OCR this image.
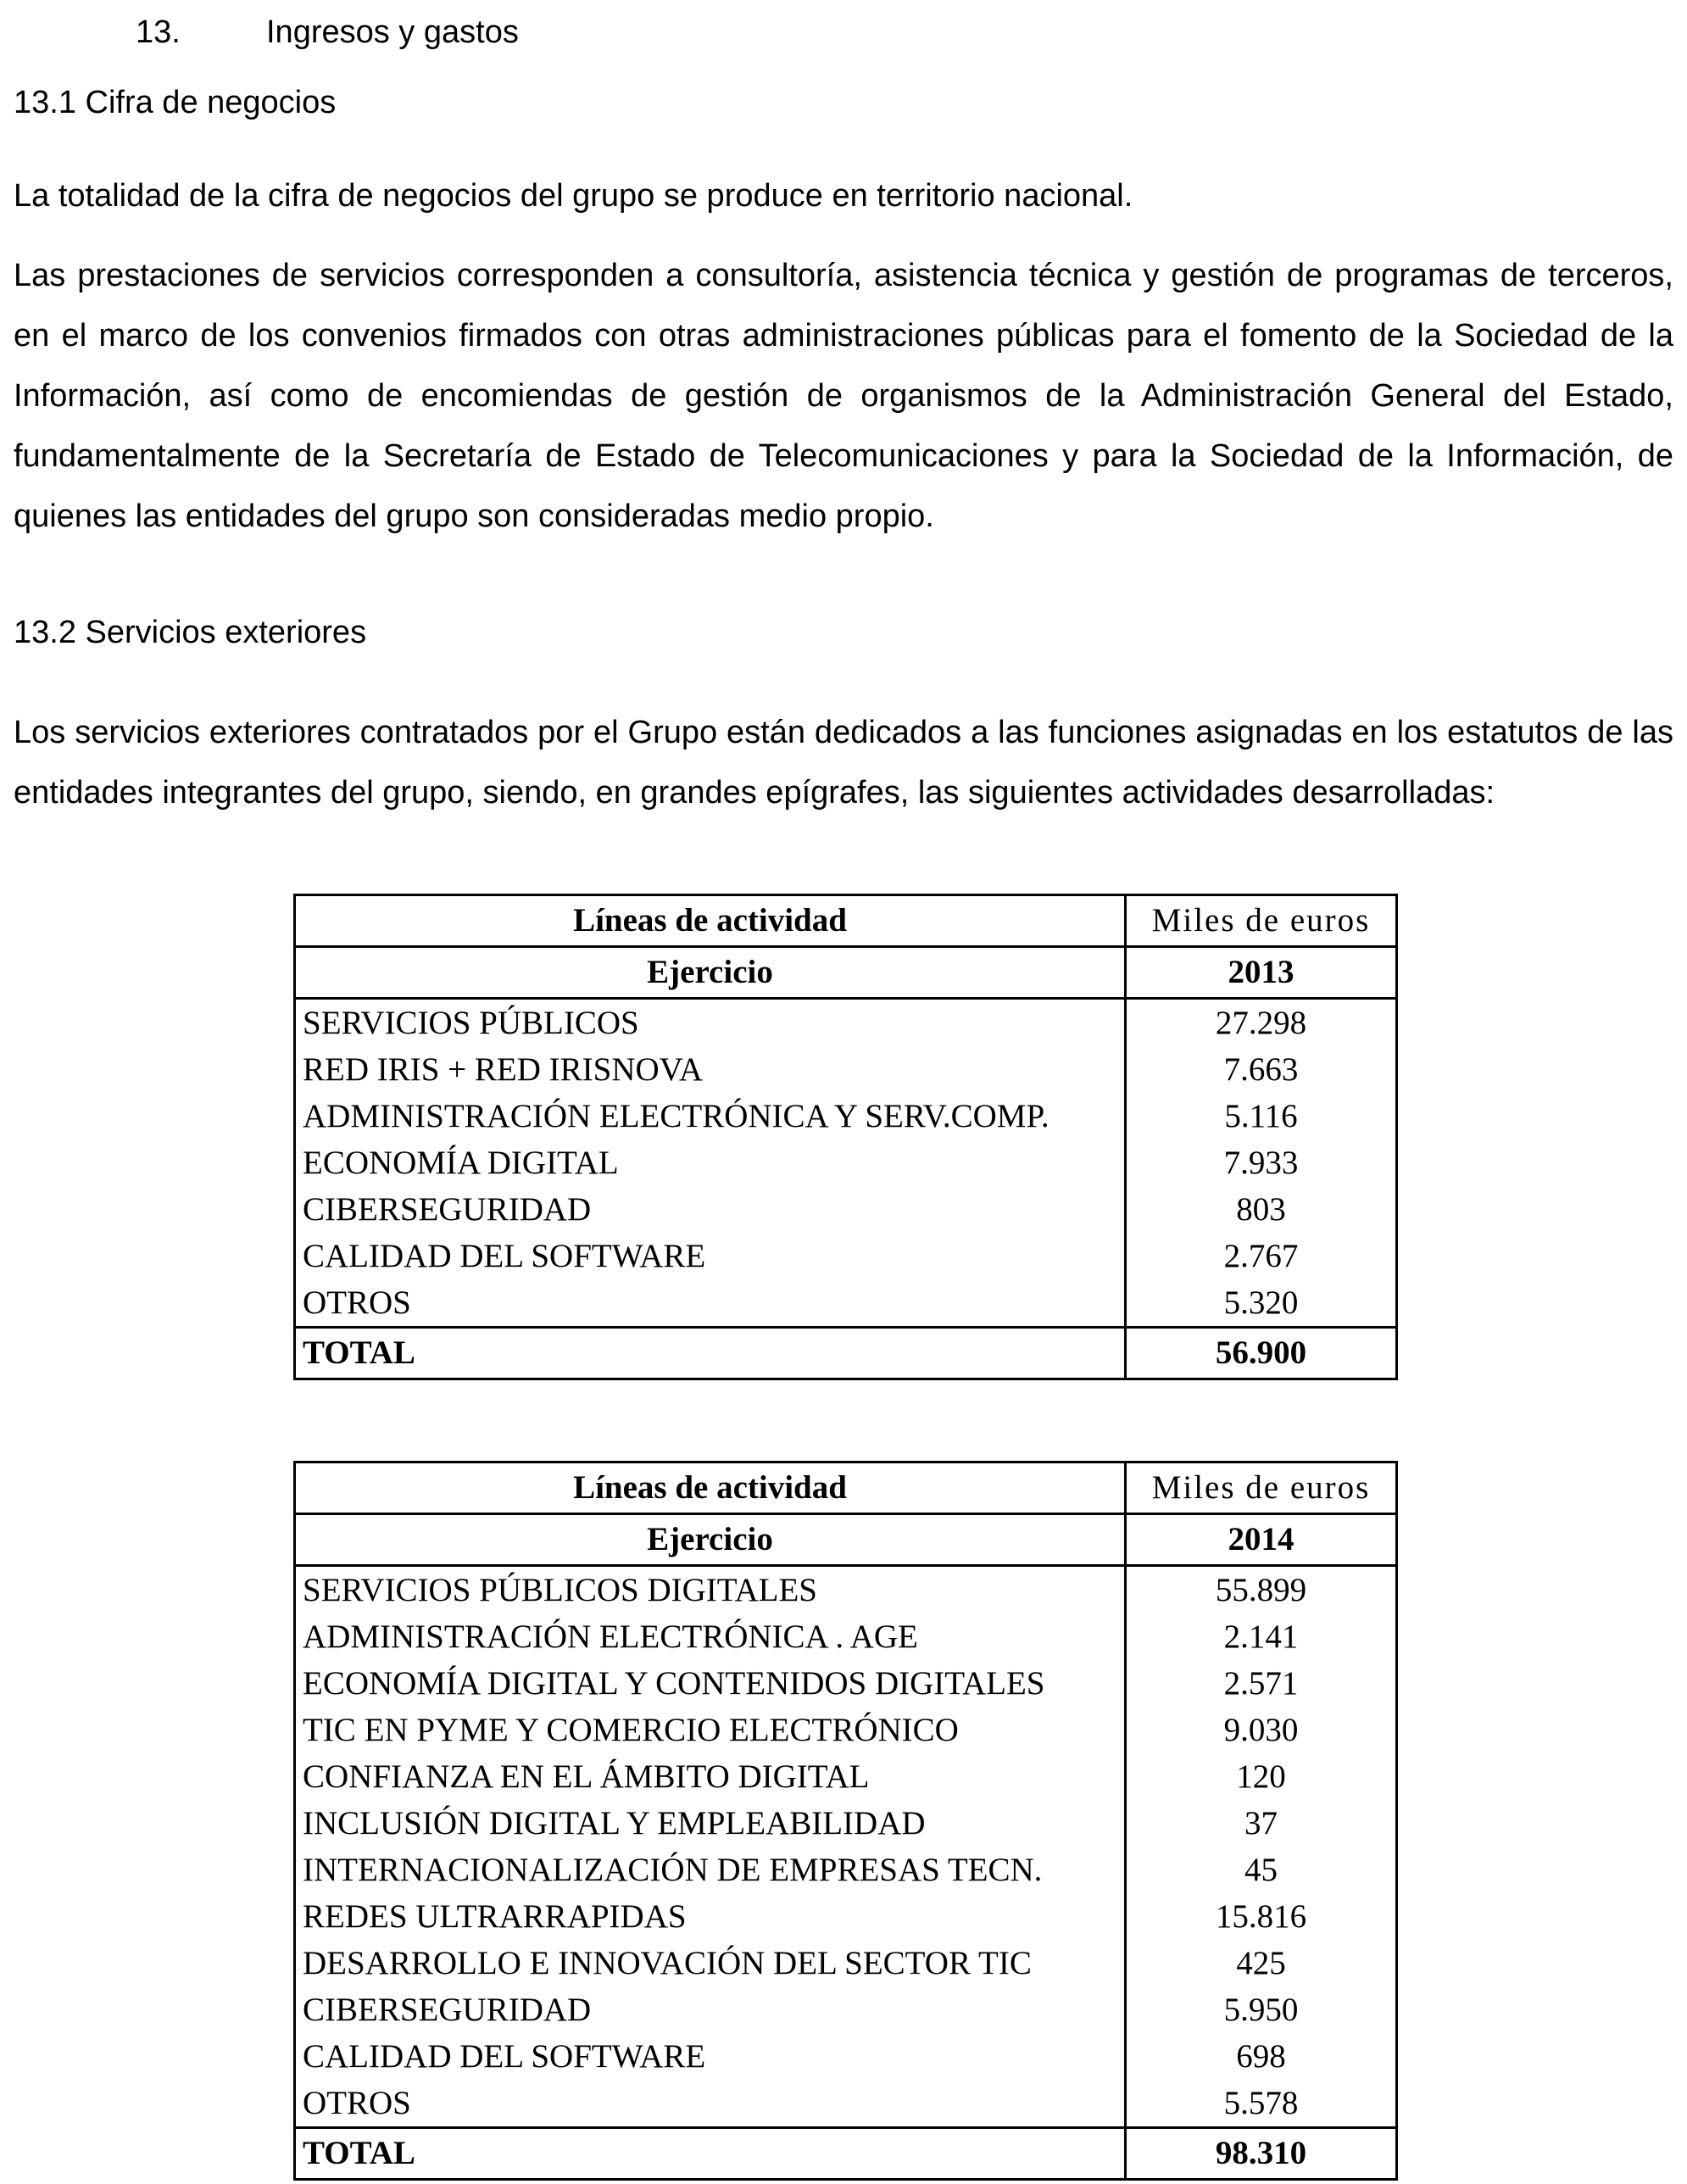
13.	Ingresos y gastos
13.1 Cifra de negocios

La totalidad de la cifra de negocios del grupo se produce en territorio nacional.

Las prestaciones de servicios corresponden a consultoría, asistencia técnica y gestión de programas de terceros, en el marco de los convenios firmados con otras administraciones públicas para el fomento de la Sociedad de la Información, así como de encomiendas de gestión de organismos de la Administración General del Estado, fundamentalmente de la Secretaría de Estado de Telecomunicaciones y para la Sociedad de la Información, de quienes las entidades del grupo son consideradas medio propio.

13.2 Servicios exteriores

Los servicios exteriores contratados por el Grupo están dedicados a las funciones asignadas en los estatutos de las entidades integrantes del grupo, siendo, en grandes epígrafes, las siguientes actividades desarrolladas:

Líneas de actividad	Miles de euros
Ejercicio	2013
SERVICIOS PÚBLICOS	27.298
RED IRIS + RED IRISNOVA	7.663
ADMINISTRACIÓN ELECTRÓNICA Y SERV.COMP.	5.116
ECONOMÍA DIGITAL	7.933
CIBERSEGURIDAD	803
CALIDAD DEL SOFTWARE	2.767
OTROS	5.320
TOTAL	56.900
Líneas de actividad	Miles de euros
Ejercicio	2014
SERVICIOS PÚBLICOS DIGITALES	55.899
ADMINISTRACIÓN ELECTRÓNICA . AGE	2.141
ECONOMÍA DIGITAL Y CONTENIDOS DIGITALES	2.571
TIC EN PYME Y COMERCIO ELECTRÓNICO	9.030
CONFIANZA EN EL ÁMBITO DIGITAL	120
INCLUSIÓN DIGITAL Y EMPLEABILIDAD	37
INTERNACIONALIZACIÓN DE EMPRESAS TECN.	45
REDES ULTRARRAPIDAS	15.816
DESARROLLO E INNOVACIÓN DEL SECTOR TIC	425
CIBERSEGURIDAD	5.950
CALIDAD DEL SOFTWARE	698
OTROS	5.578
TOTAL	98.310
